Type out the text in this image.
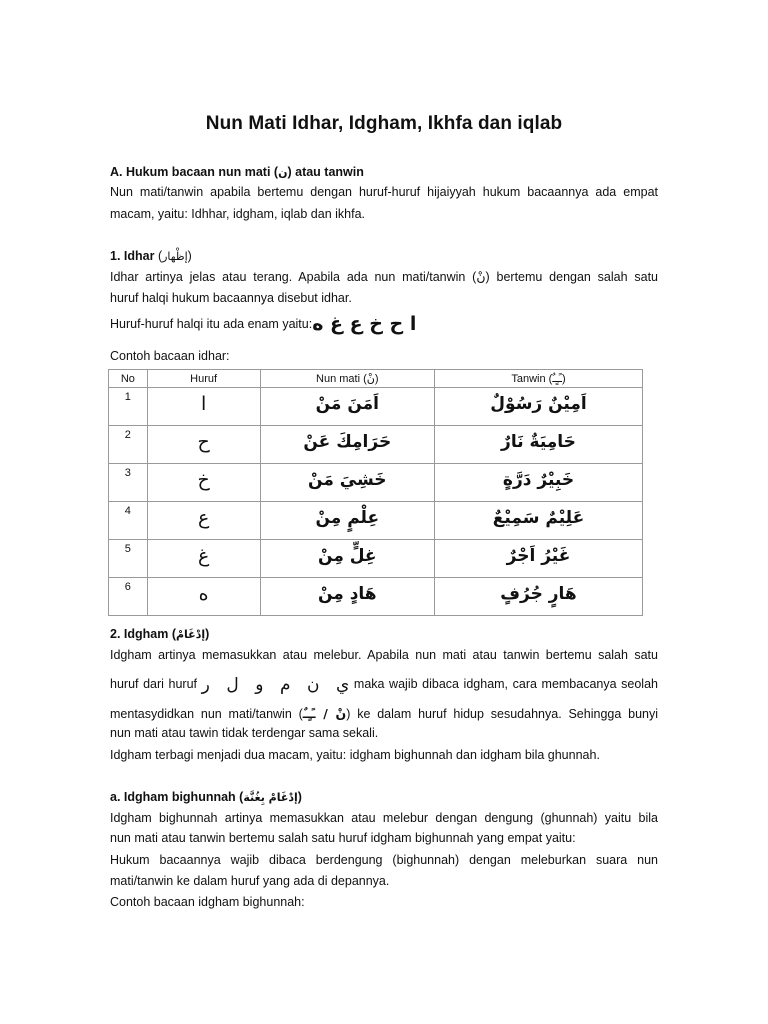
Nun Mati Idhar, Idgham, Ikhfa dan iqlab
A. Hukum bacaan nun mati (ن) atau tanwin
Nun mati/tanwin apabila bertemu dengan huruf-huruf hijaiyyah hukum bacaannya ada empat
macam, yaitu: Idhhar, idgham, iqlab dan ikhfa.
1. Idhar (إظْهار)
Idhar artinya jelas atau terang. Apabila ada nun mati/tanwin (نْ) bertemu dengan salah satu
huruf halqi hukum bacaannya disebut idhar.
Huruf-huruf halqi itu ada enam yaitu:ا ح خ ع غ ه
Contoh bacaan idhar:
No	Huruf	Nun mati (نْ)	Tanwin (ـًـٍـٌ)
1	ا	اَمَنَ مَنْ	اَمِيْنٌ رَسُوْلٌ
2	ح	حَرَامِكَ عَنْ	حَامِيَةٌ نَارٌ
3	خ	خَشِيَ مَنْ	خَبِيْرٌ دَرَّةٍ
4	ع	عِلْمٍ مِنْ	عَلِيْمٌ سَمِيْعٌ
5	غ	غِلٍّ مِنْ	غَيْرُ اَجْرٌ
6	ه	هَادٍ مِنْ	هَارٍ جُرُفٍ
2. Idgham (إدْغَامْ)
Idgham artinya memasukkan atau melebur. Apabila nun mati atau tanwin bertemu salah satu
huruf dari huruf ي ن م و ل ر maka wajib dibaca idgham, cara membacanya seolah
mentasydidkan nun mati/tanwin (نْ / ـًـٍـٌ) ke dalam huruf hidup sesudahnya. Sehingga bunyi
nun mati atau tawin tidak terdengar sama sekali.
Idgham terbagi menjadi dua macam, yaitu: idgham bighunnah dan idgham bila ghunnah.
a. Idgham bighunnah (إدْغَامْ بِغُنَّة)
Idgham bighunnah artinya memasukkan atau melebur dengan dengung (ghunnah) yaitu bila
nun mati atau tanwin bertemu salah satu huruf idgham bighunnah yang empat yaitu:
Hukum bacaannya wajib dibaca berdengung (bighunnah) dengan meleburkan suara nun
mati/tanwin ke dalam huruf yang ada di depannya.
Contoh bacaan idgham bighunnah:
